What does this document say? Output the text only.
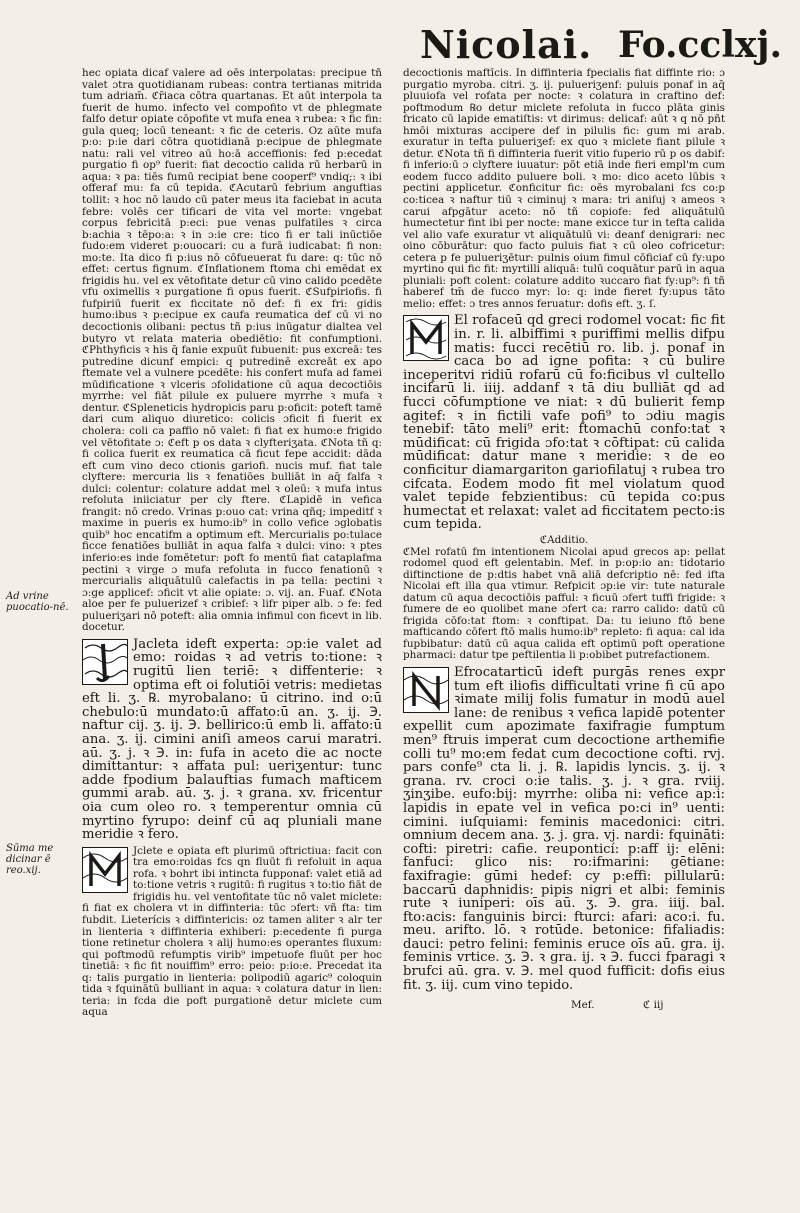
Nicolai. Fo.cclxj.
Ad vrine puocatio-nē.
Sūma me dicinar ē reo.xij.

hec opiata dicaf valere ad oēs interpolatas: precipue tñ valet ɔtra quotidianam rubeas: contra tertianas mitrida tum adriam̄. ℭr̄iaca cōtra quartanas. Et aūt interpola ta fuerit de humo. infecto vel compofito vt de phlegmate falfo detur opiate cōpofite vt mufa enea ꝛ rubea: ꝛ fic fin: gula queq; locū teneant: ꝛ fic de ceteris. Oz aūte mufa p:o: p:ie dari cōtra quotidianā p:ecipue de phlegmate natu: rali vel vitreo aū ho:ā acceffionis: fed p:ecedat purgatio fi op⁹ fuerit: fiat decoctio calida rū herbarū in aqua: ꝛ pa: tiēs fumū recipiat bene cooperf⁹ vndiq;: ꝛ ibi offeraf mu: fa cū tepida. ℭAcutarū febrium anguftias tollit: ꝛ hoc nō laudo cū pater meus ita faciebat in acuta febre: volēs cer tificari de vita vel morte: vngebat corpus febricitā p:eci: pue venas pulfatiles ꝛ circa b:achia ꝛ tēpo:a: ꝛ in ɔ:ie cre: tico fi er tali inūctiōe fudo:em videret p:ouocari: cu a furā iudicabat: fi non: mo:te. Ita dico fi p:ius nō cōfueuerat fu dare: q: tūc nō effet: certus fignum. ℭInflationem ftoma chi emēdat ex frigidis hu. vel ex vētofitate detur cū vino calido pcedēte vfu oximellis ꝛ purgatione fi opus fuerit. ℭSufpiriofis. fi fufpiriū fuerit ex ficcitate nō def: fi ex fri: gidis humo:ibus ꝛ p:ecipue ex caufa reumatica def cū vi no decoctionis olibani: pectus tñ p:ius inūgatur dialtea vel butyro vt relata materia obediētio: fit confumptioni. ℭPhthyficis ꝛ his q̄ fanie expuūt fubuenit: pus excreā: tes putredine dicunf empici: q putredinē excreāt ex apo ftemate vel a vulnere pcedēte: his confert mufa ad famei mūdificatione ꝛ vlceris ɔfolidatione cū aqua decoctiōis myrrhe: vel fiāt pilule ex puluere myrrhe ꝛ mufa ꝛ dentur. ℭSpleneticis hydropicis paru p:oficit: poteft tamē dari cum aliquo diuretico: colicis ɔficit fi fuerit ex cholera: coli ca paffio nō valet: fi fiat ex humo:e frigido vel vētofitate ɔ: ℭeft p os data ꝛ clyfteriʒata. ℭNota tñ q: fi colica fuerit ex reumatica cā ficut fepe accidit: dāda eft cum vino deco ctionis gariofi. nucis muf. fiat tale clyftere: mercuria lis ꝛ fenatiōes bulliāt in aq̄ falfa ꝛ dulci: colentur: colature addat mel ꝛ oleū: ꝛ mufa intus refoluta iniiciatur per cly ftere. ℭLapidē in vefica frangit: nō credo. Vrinas p:ouo cat: vrina qñq; impeditf ꝛ maxime in pueris ex humo:ib⁹ in collo vefice ɔglobatis quib⁹ hoc encatifm a optimum eft. Mercurialis po:tulace ficce fenatiōes bulliāt in aqua falfa ꝛ dulci: vino: ꝛ ptes inferio:es inde fomētetur: poft fo mentū fiat cataplafma pectini ꝛ virge ɔ mufa refoluta in fucco fenationū ꝛ mercurialis aliquātulū calefactis in pa tella: pectini ꝛ ɔ:ge applicef: ɔficit vt alie opiate: ɔ. vij. an. Fuaf. ℭNota aloe per fe puluerizef ꝛ cribief: ꝛ lifr piper alb. ɔ fe: fed pulueriʒari nō poteft: alia omnia infimul con ficevt in lib. docetur.

Jacleta ideft experta: ɔp:ie valet ad emo: roidas ꝛ ad vetris to:tione: ꝛ rugitū lien teriē: ꝛ diffenterie: ꝛ optima eft oi folutiōi vetris: medietas eft li. ʒ. ℞. myrobalano: ū citrino. ind o:ū chebulo:ū mundato:ū affato:ū an. ʒ. ij. ℈. naftur cij. ʒ. ij. ℈. bellirico:ū emb li. affato:ū ana. ʒ. ij. cimini aniſi ameos carui maratri. aū. ʒ. j. ꝛ ℈. in: fufa in aceto die ac nocte dimittantur: ꝛ affata pul: ueriʒentur: tunc adde fpodium balauftias fumach mafticem gummi arab. aū. ʒ. j. ꝛ grana. xv. fricentur oia cum oleo ro. ꝛ temperentur omnia cū myrtino fyrupo: deinf cū aq pluniali mane meridie ꝛ fero.

Jclete e opiata eft plurimū ɔftrictiua: facit con tra emo:roidas fcs qn fluūt fi refoluit in aqua rofa. ꝛ bohrt ibi intincta fupponaf: valet etiā ad to:tione vetris ꝛ rugitū: fi rugitus ꝛ to:tio fiāt de frigidis hu. vel ventofitate tūc nō valet miclete: fi fiat ex cholera vt in diffinteria: tūc ɔfert: vñ fta: tim fubdit. Lieterícis ꝛ diffintericis: oz tamen aliter ꝛ alr ter in lienteria ꝛ diffinteria exhiberi: p:ecedente fi purga tione retinetur cholera ꝛ alij humo:es operantes fluxum: qui poftmodū refumptis virib⁹ impetuofe fluūt per hoc tinetiā: ꝛ fic fit nouiffim⁹ erro: peio: p:io:e. Precedat ita q: talis purgatio in lienteria: polipodiū agaric⁹ coloquin tida ꝛ fquinātū bulliant in aqua: ꝛ colatura datur in lien: teria: in fcda die poft purgationē detur miclete cum aqua

decoctionis maftīcis. In diffinteria fpecialis fiat diffinte rio: ɔ purgatio myroba. citri. ʒ. ij. pulueriʒenf: puluis ponaf in aq̄ pluuiofa vel rofata per nocte: ꝛ colatura in craftino def: poftmodum ℞o detur miclete refoluta in fucco plāta ginis fricato cū lapide ematiſtis: vt dirimus: delicaf: aūt ꝛ q nō pñt hmōi mixturas accipere def in pilulis fic: gum mi arab. exuratur in tefta pulueriʒef: ex quo ꝛ miclete fiant pilule ꝛ detur. ℭNota tñ fi diffinteria fuerit vitio fuperio rū p os dabif: fi inferio:ū ɔ clyftere iuuatur: pōt etiā inde fieri empl'm cum eodem fucco addito puluere boli. ꝛ mo: dico aceto lūbis ꝛ pectini applicetur. ℭonficitur fic: oēs myrobalani fcs co:p co:ticea ꝛ naftur tiū ꝛ ciminuj ꝛ mara: tri aniſuj ꝛ ameos ꝛ carui afpgātur aceto: nō tñ copiofe: fed aliquātulū humectetur fint ibi per nocte: mane exicce tur in tefta calida vel alio vafe exuratur vt aliquātulū vi: deanf denigrari: nec oino cōburātur: quo facto puluis fiat ꝛ cū oleo cofricetur: cetera p fe pulueriʒētur: pulnis oium fimul cōficiaf cū fy:upo myrtino qui fic fit: myrtilli aliquā: tulū coquātur parū in aqua pluniali: poft colent: colature addito ꝛuccaro fiat fy:up⁹: fi tñ haberef tm̄ de fucco myr: lo: q: inde fieret fy:upus tāto melio: effet: ɔ tres annos feruatur: dofis eft. ʒ. ſ.

El rofaceū qd greci rodomel vocat: fic fit in. r. li. albiffimi ꝛ puriffimi mellis difpu matis: fucci recētiū ro. lib. j. ponaf in caca bo ad igne pofita: ꝛ cū bulire inceperitvi ridiū rofarū cū fo:ficibus vl cultello incifarū li. iiij. addanf ꝛ tā diu bulliāt qd ad fucci cōfumptione ve niat: ꝛ dū bulierit femp agitef: ꝛ in fictili vafe pofi⁹ to ɔdiu magis tenebif: tāto meli⁹ erit: ftomachū confo:tat ꝛ mūdificat: cū frigida ɔfo:tat ꝛ cōftipat: cū calida mūdificat: datur mane ꝛ meridie: ꝛ de eo conficitur diamargariton gariofilatuj ꝛ rubea tro cifcata. Eodem modo fit mel violatum quod valet tepide febzientibus: cū tepida co:pus humectat et relaxat: valet ad ficcitatem pecto:is cum tepida.

ℭAdditio.

ℭMel rofatū fm intentionem Nicolai apud grecos ap: pellat rodomel quod eft gelentabin. Mef. in p:op:io an: tidotario diftinctione de p:dtis habet vnā aliā defcriptio nē: fed ifta Nicolai eft illa qua vtimur. Refpicit ɔp:ie vir: tute naturale datum cū aqua decoctiōis pafful: ꝛ ficuū ɔfert tuffi frigide: ꝛ fumere de eo quolibet mane ɔfert ca: rarro calido: datū cū frigida cōfo:tat ftom: ꝛ conftipat. Da: tu ieiuno ftō bene mafticando cōfert ftō malis humo:ib⁹ repleto: fi aqua: cal ida fupbibatur: datū cū aqua calida eft optimū poft operatione pharmaci: datur tpe peftilentia li p:obibet putrefactionem.

Efrocatarticū ideft purgās renes expr tum eft iliofis difficultati vrine fi cū apo ꝛimate milij folis fumatur in modū auel lane: de renibus ꝛ vefica lapidē potenter expellit cum apozimate faxifragie fumptum men⁹ ftruis imperat cum decoctione arthemifie colli tu⁹ mo:em fedat cum decoctione cofti. rvj. pars confe⁹ cta li. j. ℞. lapidis lyncis. ʒ. ij. ꝛ grana. rv. croci o:ie talis. ʒ. j. ꝛ gra. rviij. ʒinʒibe. eufo:bij: myrrhe: oliba ni: vefice ap:i: lapidis in epate vel in vefica po:ci in⁹ uenti: cimini. iuſquiami: feminis macedonici: citri. omnium decem ana. ʒ. j. gra. vj. nardi: fquināti: cofti: piretri: cafie. reuponticí: p:aff ij: elēni: fanfuci: glico nis: ro:ifmarini: gētiane: faxifragie: gūmi hedef: cy p:effi: pillularū: baccarū daphnidis: pipis nigri et albi: feminis rute ꝛ iuniperi: oīs aū. ʒ. ℈. gra. iiij. bal. fto:acis: fanguinis birci: fturci: afari: aco:i. fu. meu. arifto. lō. ꝛ rotūde. betonice: fifaliadis: dauci: petro felini: feminis eruce oīs aū. gra. ij. feminis vrtice. ʒ. ℈. ꝛ gra. ij. ꝛ ℈. fucci fparagi ꝛ brufci aū. gra. v. ℈. mel quod fufficit: dofis eius fit. ʒ. iij. cum vino tepido.

Mef.	ℭ iij
